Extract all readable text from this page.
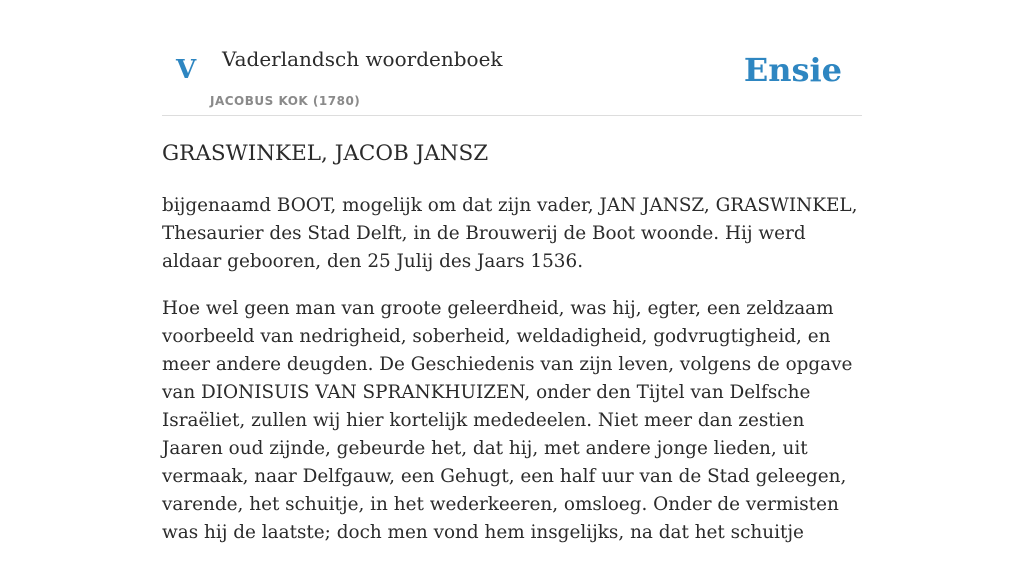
V Vaderlandsch woordenboek
JACOBUS KOK (1780)
Ensie
GRASWINKEL, JACOB JANSZ

bijgenaamd BOOT, mogelijk om dat zijn vader, JAN JANSZ, GRASWINKEL, Thesaurier des Stad Delft, in de Brouwerij de Boot woonde. Hij werd aldaar gebooren, den 25 Julij des Jaars 1536.

Hoe wel geen man van groote geleerdheid, was hij, egter, een zeldzaam voorbeeld van nedrigheid, soberheid, weldadigheid, godvrugtigheid, en meer andere deugden. De Geschiedenis van zijn leven, volgens de opgave van DIONISUIS VAN SPRANKHUIZEN, onder den Tijtel van Delfsche Israëliet, zullen wij hier kortelijk mededeelen. Niet meer dan zestien Jaaren oud zijnde, gebeurde het, dat hij, met andere jonge lieden, uit vermaak, naar Delfgauw, een Gehugt, een half uur van de Stad geleegen, varende, het schuitje, in het wederkeeren, omsloeg. Onder de vermisten was hij de laatste; doch men vond hem insgelijks, na dat het schuitje
